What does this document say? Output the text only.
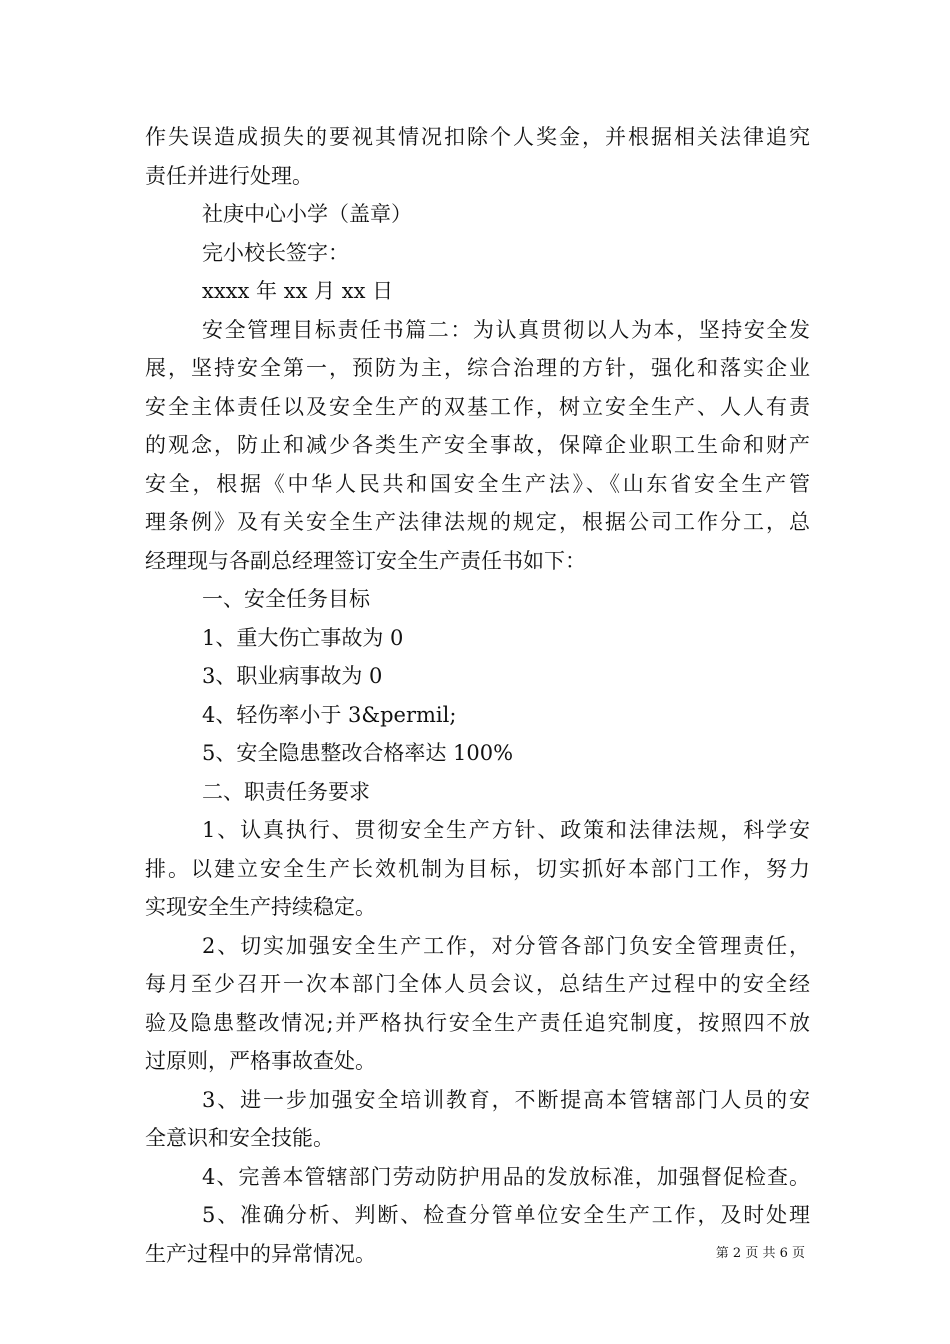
作失误造成损失的要视其情况扣除个人奖金，并根据相关法律追究
责任并进行处理。
社庚中心小学（盖章）
完小校长签字：
xxxx 年 xx 月 xx 日
安全管理目标责任书篇二：为认真贯彻以人为本，坚持安全发
展，坚持安全第一，预防为主，综合治理的方针，强化和落实企业
安全主体责任以及安全生产的双基工作，树立安全生产、人人有责
的观念，防止和减少各类生产安全事故，保障企业职工生命和财产
安全，根据《中华人民共和国安全生产法》、《山东省安全生产管
理条例》及有关安全生产法律法规的规定，根据公司工作分工，总
经理现与各副总经理签订安全生产责任书如下：
一、安全任务目标
1、重大伤亡事故为 0
3、职业病事故为 0
4、轻伤率小于 3&permil;
5、安全隐患整改合格率达 100%
二、职责任务要求
1、认真执行、贯彻安全生产方针、政策和法律法规，科学安
排。以建立安全生产长效机制为目标，切实抓好本部门工作，努力
实现安全生产持续稳定。
2、切实加强安全生产工作，对分管各部门负安全管理责任，
每月至少召开一次本部门全体人员会议，总结生产过程中的安全经
验及隐患整改情况;并严格执行安全生产责任追究制度，按照四不放
过原则，严格事故查处。
3、进一步加强安全培训教育，不断提高本管辖部门人员的安
全意识和安全技能。
4、完善本管辖部门劳动防护用品的发放标准，加强督促检查。
5、准确分析、判断、检查分管单位安全生产工作，及时处理
生产过程中的异常情况。	第 2 页 共 6 页
